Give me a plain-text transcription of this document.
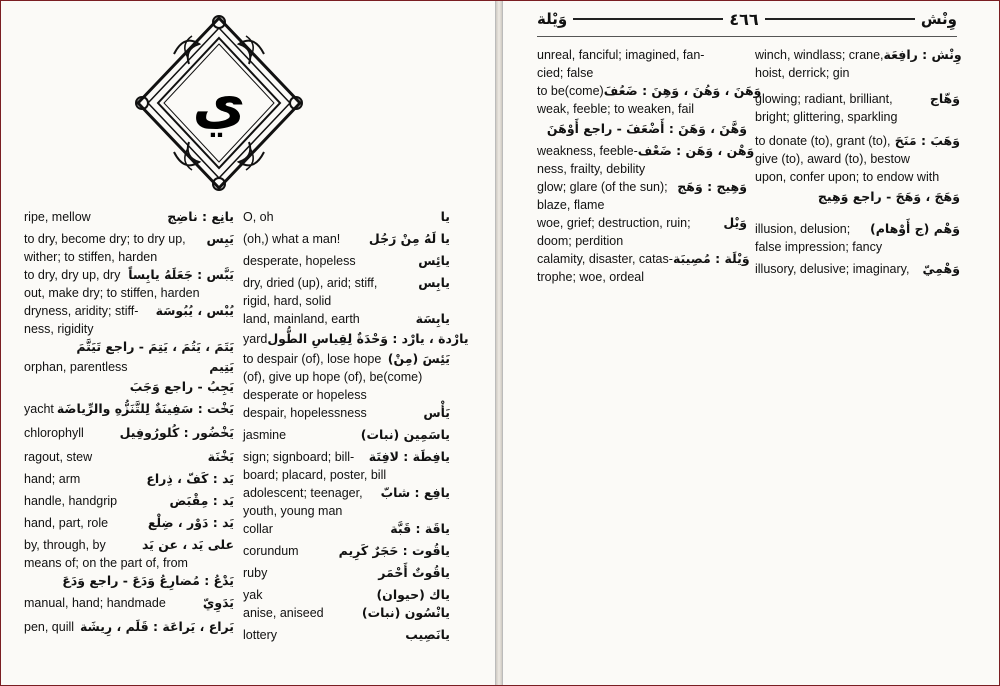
وَيْلة	٤٦٦	وِنْش
ي
ripe, mellow	يانِع : ناضِج
to dry, become dry; to dry up, يَبِس
wither; to stiffen, harden
to dry, dry up, dry يَبَّس : جَعَلَهُ يابِساً
out, make dry; to stiffen, harden
dryness, aridity; stiff- يُبْس ، يُبُوسَة
ness, rigidity
يَتَمَ ، يَتُمَ ، يَتِمَ - راجع تَيَتَّمَ
orphan, parentless	يَتِيم
يَجِبُ - راجع وَجَبَ
yacht يَخْت : سَفِينَةٌ لِلتَّنَزُّهِ والرِّياضَة
chlorophyll	يَخْضُور : كُلورُوفِيل
ragout, stew	يَخْنَة
hand; arm	يَد : كَفّ ، ذِراع
handle, handgrip	يَد : مِقْبَض
hand, part, role	يَد : دَوْر ، ضِلْع
by, through, by	على يَد ، عن يَد
means of; on the part of, from
يَدْعُ : مُضارِعُ وَدَعَ - راجع وَدَعَ
manual, hand; handmade	يَدَوِيّ
pen, quill يَراع ، يَراعَة : قَلَم ، رِيشَة
O, oh	يا
(oh,) what a man! يا لَهُ مِنْ رَجُل
desperate, hopeless	يائِس
dry, dried (up), arid; stiff,	يابِس
rigid, hard, solid
land, mainland, earth	يابِسَة
yard يارْدة ، يارْد : وَحْدَةٌ لِقِياسِ الطُّول
to despair (of), lose hope يَئِسَ (مِنْ)
(of), give up hope (of), be(come)
desperate or hopeless
despair, hopelessness	يَأْس
jasmine	ياسَمِين (نبات)
sign; signboard; bill- يافِطَة : لافِتَة
board; placard, poster, bill
adolescent; teenager, يافِع : شابّ
youth, young man
collar	ياقَة : قَبَّة
corundum	ياقُوت : حَجَرٌ كَرِيم
ruby	ياقُوتٌ أَحْمَر
yak	ياك (حيوان)
anise, aniseed	يانْسُون (نبات)
lottery	يانَصِيب
unreal, fanciful; imagined, fan-
cied; false
to be(come) وَهَنَ ، وَهُنَ ، وَهِنَ : ضَعُفَ
weak, feeble; to weaken, fail
وَهَّنَ ، وَهَنَ : أَضْعَفَ - راجع أَوْهَنَ
weakness, feeble- وَهْن ، وَهَن : ضَعْف
ness, frailty, debility
glow; glare (of the sun); وَهِيج : وَهَج
blaze, flame
woe, grief; destruction, ruin;	وَيْل
doom; perdition
calamity, disaster, catas- وَيْلَة : مُصِيبَة
trophe; woe, ordeal
winch, windlass; crane, وِنْش : رافِعَة
hoist, derrick; gin
glowing; radiant, brilliant,	وَهّاج
bright; glittering, sparkling
to donate (to), grant (to), وَهَبَ : مَنَحَ
give (to), award (to), bestow
upon, confer upon; to endow with
وَهَجَ ، وَهَجَ - راجع وَهِيج
illusion, delusion; وَهْم (ج أَوْهام)
false impression; fancy
illusory, delusive; imaginary, وَهْمِيّ
